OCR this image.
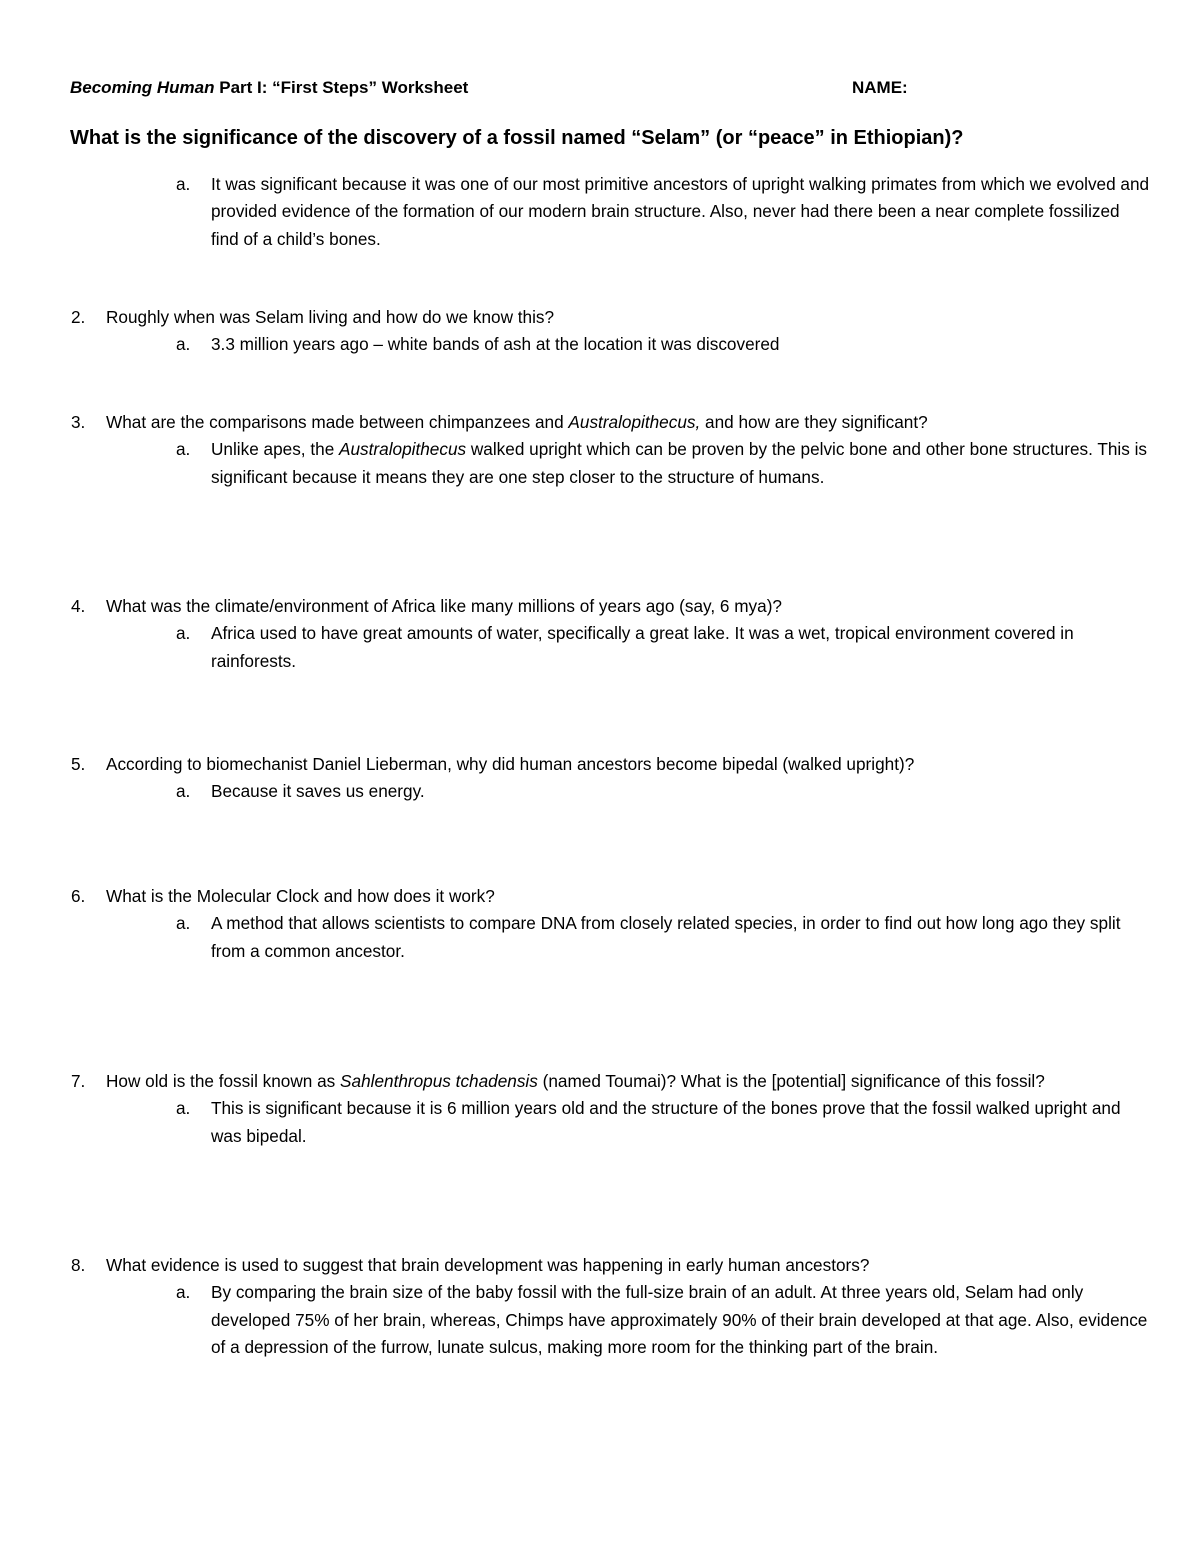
Becoming Human Part I: “First Steps” Worksheet	NAME:
What is the significance of the discovery of a fossil named “Selam” (or “peace” in Ethiopian)?
a. It was significant because it was one of our most primitive ancestors of upright walking primates from which we evolved and provided evidence of the formation of our modern brain structure. Also, never had there been a near complete fossilized find of a child’s bones.
2. Roughly when was Selam living and how do we know this?
a. 3.3 million years ago – white bands of ash at the location it was discovered
3. What are the comparisons made between chimpanzees and Australopithecus, and how are they significant?
a. Unlike apes, the Australopithecus walked upright which can be proven by the pelvic bone and other bone structures. This is significant because it means they are one step closer to the structure of humans.
4. What was the climate/environment of Africa like many millions of years ago (say, 6 mya)?
a. Africa used to have great amounts of water, specifically a great lake. It was a wet, tropical environment covered in rainforests.
5. According to biomechanist Daniel Lieberman, why did human ancestors become bipedal (walked upright)?
a. Because it saves us energy.
6. What is the Molecular Clock and how does it work?
a. A method that allows scientists to compare DNA from closely related species, in order to find out how long ago they split from a common ancestor.
7. How old is the fossil known as Sahlenthropus tchadensis (named Toumai)? What is the [potential] significance of this fossil?
a. This is significant because it is 6 million years old and the structure of the bones prove that the fossil walked upright and was bipedal.
8. What evidence is used to suggest that brain development was happening in early human ancestors?
a. By comparing the brain size of the baby fossil with the full-size brain of an adult. At three years old, Selam had only developed 75% of her brain, whereas, Chimps have approximately 90% of their brain developed at that age. Also, evidence of a depression of the furrow, lunate sulcus, making more room for the thinking part of the brain.
